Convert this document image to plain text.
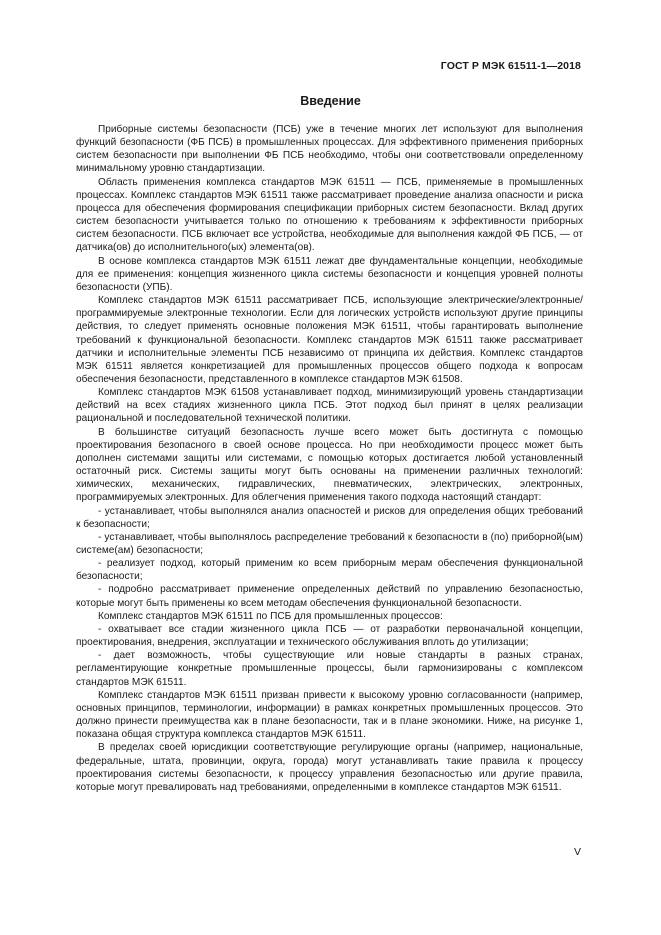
ГОСТ Р МЭК 61511-1—2018
Введение

Приборные системы безопасности (ПСБ) уже в течение многих лет используют для выполнения функций безопасности (ФБ ПСБ) в промышленных процессах. Для эффективного применения приборных систем безопасности при выполнении ФБ ПСБ необходимо, чтобы они соответствовали определенному минимальному уровню стандартизации.

Область применения комплекса стандартов МЭК 61511 — ПСБ, применяемые в промышленных процессах. Комплекс стандартов МЭК 61511 также рассматривает проведение анализа опасности и риска процесса для обеспечения формирования спецификации приборных систем безопасности. Вклад других систем безопасности учитывается только по отношению к требованиям к эффективности приборных систем безопасности. ПСБ включает все устройства, необходимые для выполнения каждой ФБ ПСБ, — от датчика(ов) до исполнительного(ых) элемента(ов).

В основе комплекса стандартов МЭК 61511 лежат две фундаментальные концепции, необходимые для ее применения: концепция жизненного цикла системы безопасности и концепция уровней полноты безопасности (УПБ).

Комплекс стандартов МЭК 61511 рассматривает ПСБ, использующие электрические/электронные/программируемые электронные технологии. Если для логических устройств используют другие принципы действия, то следует применять основные положения МЭК 61511, чтобы гарантировать выполнение требований к функциональной безопасности. Комплекс стандартов МЭК 61511 также рассматривает датчики и исполнительные элементы ПСБ независимо от принципа их действия. Комплекс стандартов МЭК 61511 является конкретизацией для промышленных процессов общего подхода к вопросам обеспечения безопасности, представленного в комплексе стандартов МЭК 61508.

Комплекс стандартов МЭК 61508 устанавливает подход, минимизирующий уровень стандартизации действий на всех стадиях жизненного цикла ПСБ. Этот подход был принят в целях реализации рациональной и последовательной технической политики.

В большинстве ситуаций безопасность лучше всего может быть достигнута с помощью проектирования безопасного в своей основе процесса. Но при необходимости процесс может быть дополнен системами защиты или системами, с помощью которых достигается любой установленный остаточный риск. Системы защиты могут быть основаны на применении различных технологий: химических, механических, гидравлических, пневматических, электрических, электронных, программируемых электронных. Для облегчения применения такого подхода настоящий стандарт:

- устанавливает, чтобы выполнялся анализ опасностей и рисков для определения общих требований к безопасности;

- устанавливает, чтобы выполнялось распределение требований к безопасности в (по) приборной(ым) системе(ам) безопасности;

- реализует подход, который применим ко всем приборным мерам обеспечения функциональной безопасности;

- подробно рассматривает применение определенных действий по управлению безопасностью, которые могут быть применены ко всем методам обеспечения функциональной безопасности.

Комплекс стандартов МЭК 61511 по ПСБ для промышленных процессов:

- охватывает все стадии жизненного цикла ПСБ — от разработки первоначальной концепции, проектирования, внедрения, эксплуатации и технического обслуживания вплоть до утилизации;

- дает возможность, чтобы существующие или новые стандарты в разных странах, регламентирующие конкретные промышленные процессы, были гармонизированы с комплексом стандартов МЭК 61511.

Комплекс стандартов МЭК 61511 призван привести к высокому уровню согласованности (например, основных принципов, терминологии, информации) в рамках конкретных промышленных процессов. Это должно принести преимущества как в плане безопасности, так и в плане экономики. Ниже, на рисунке 1, показана общая структура комплекса стандартов МЭК 61511.

В пределах своей юрисдикции соответствующие регулирующие органы (например, национальные, федеральные, штата, провинции, округа, города) могут устанавливать такие правила к процессу проектирования системы безопасности, к процессу управления безопасностью или другие правила, которые могут превалировать над требованиями, определенными в комплексе стандартов МЭК 61511.

V
